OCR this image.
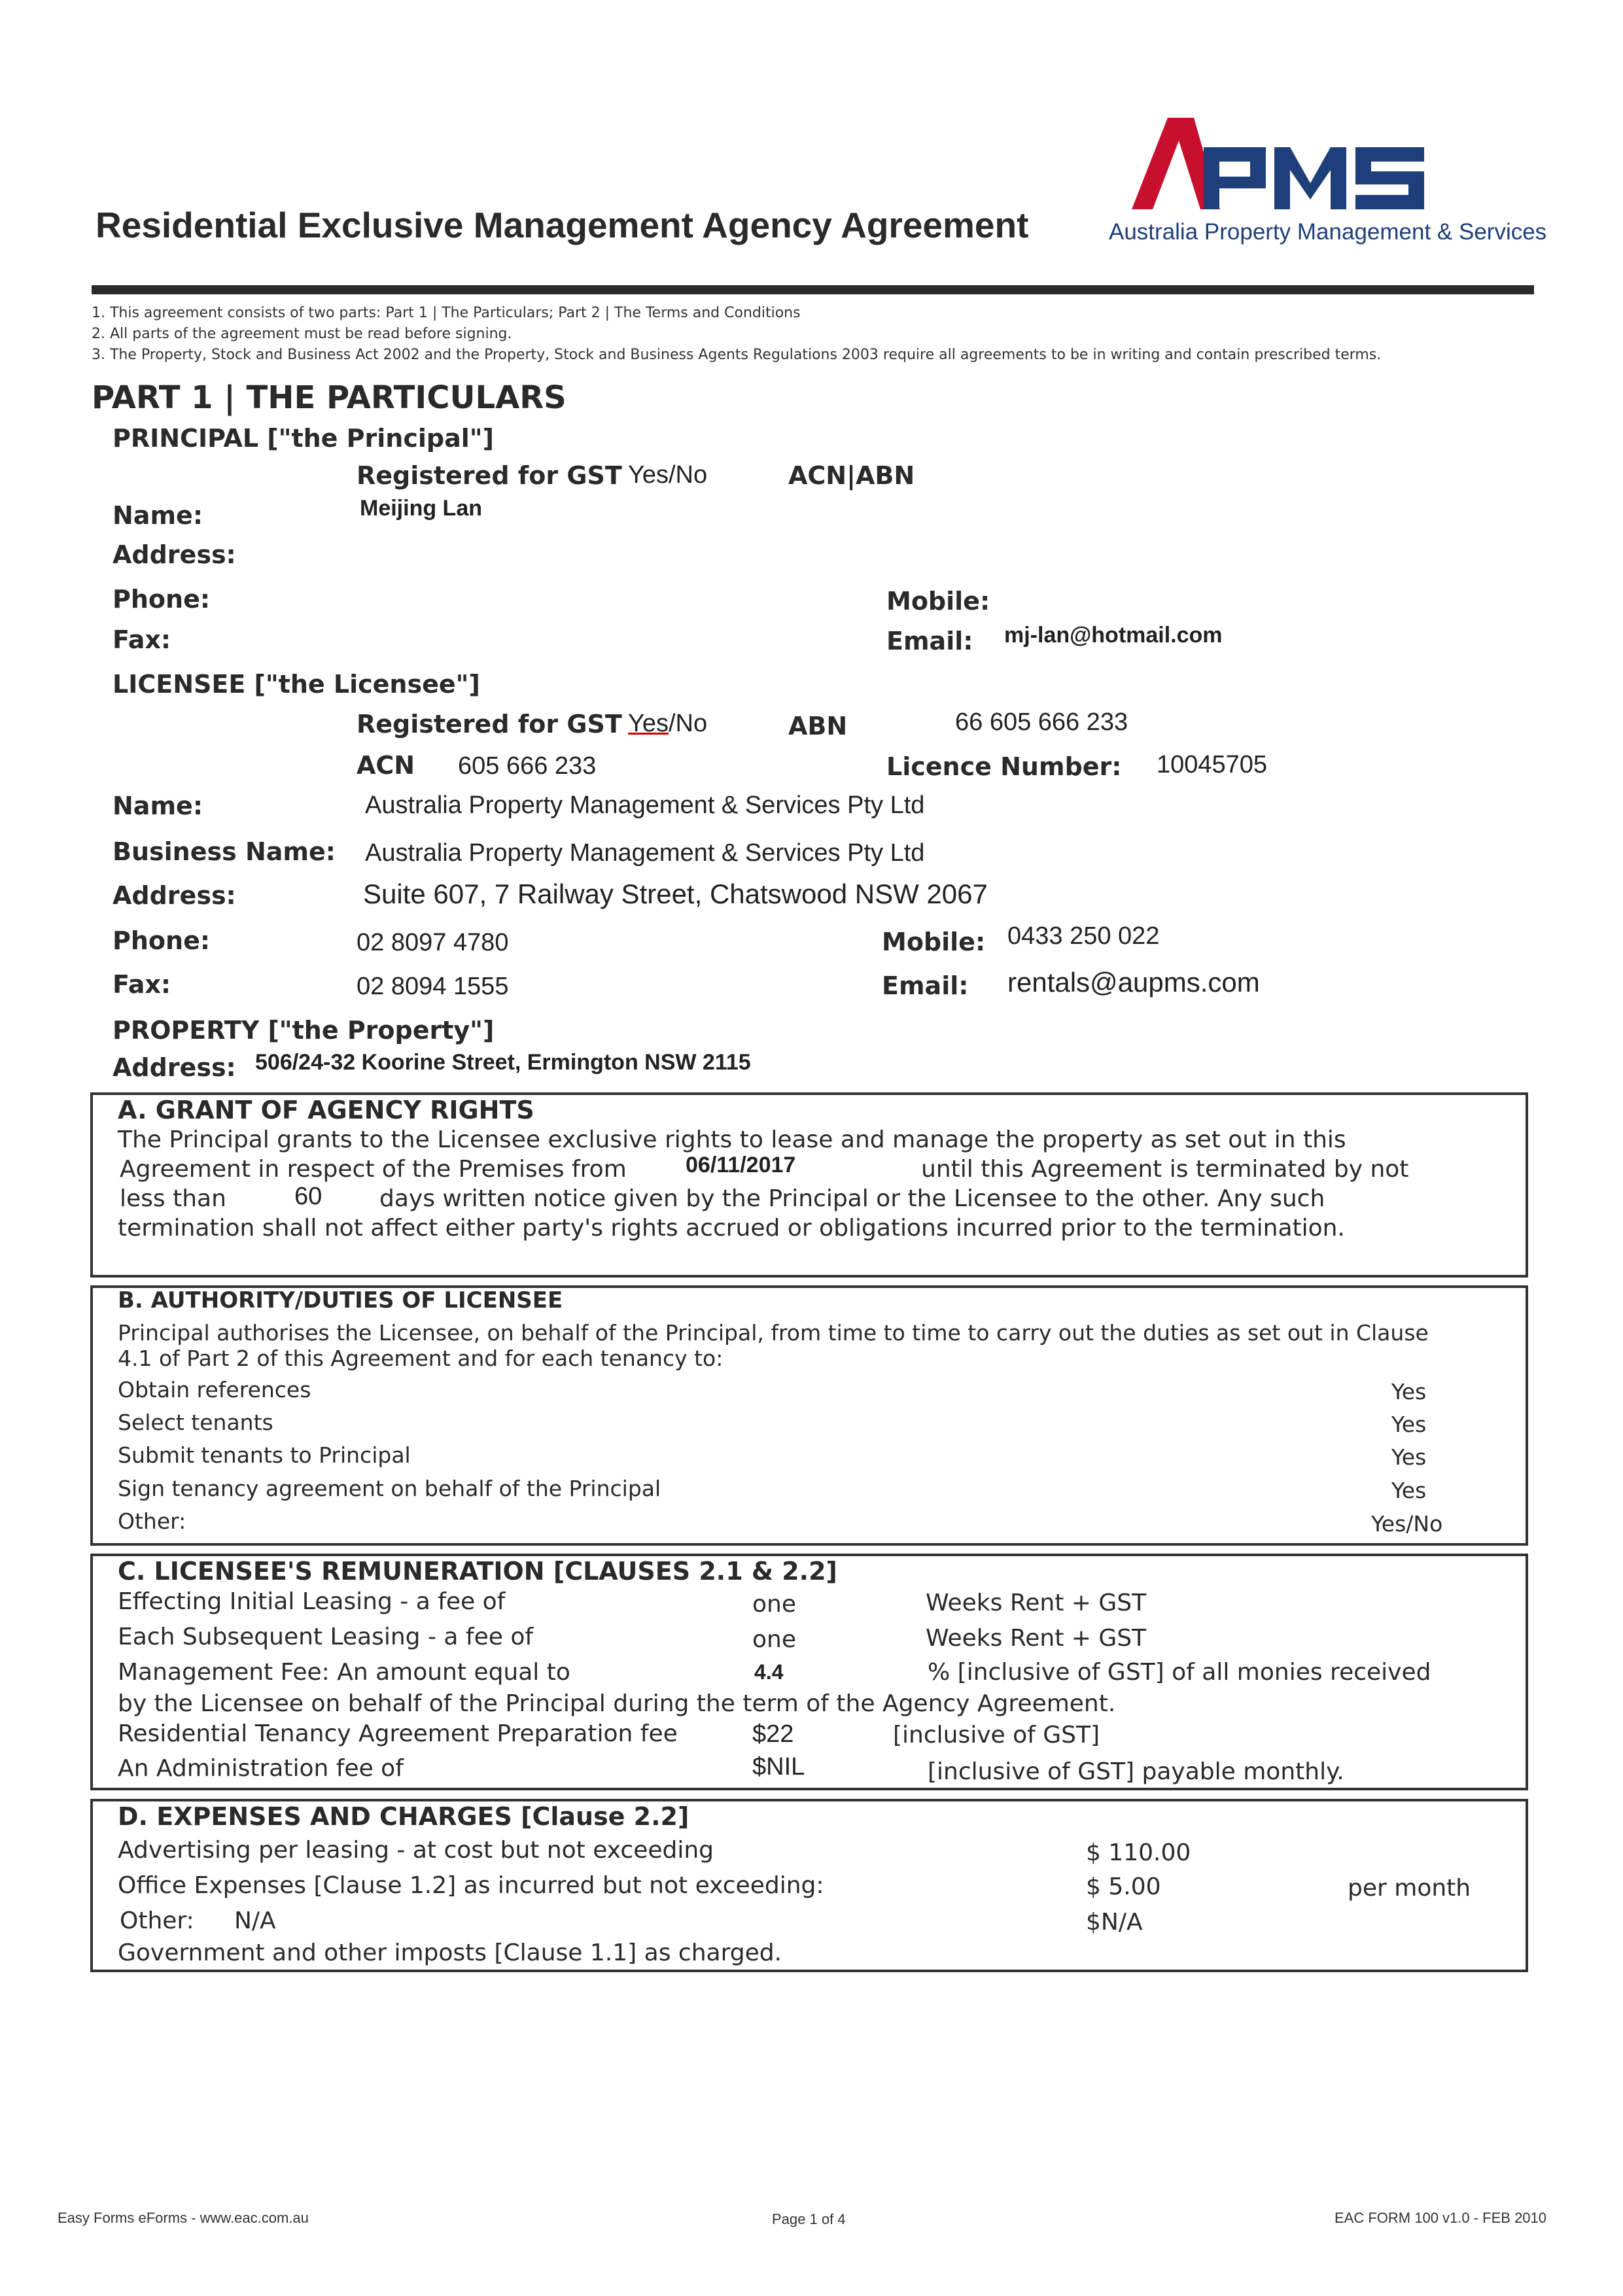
Residential Exclusive Management Agency Agreement	Australia Property Management & Services
1. This agreement consists of two parts: Part 1 | The Particulars; Part 2 | The Terms and Conditions
2. All parts of the agreement must be read before signing.
3. The Property, Stock and Business Act 2002 and the Property, Stock and Business Agents Regulations 2003 require all agreements to be in writing and contain prescribed terms.
PART 1 | THE PARTICULARS
PRINCIPAL ["the Principal"]
Registered for GST Yes/No	ACN|ABN
Name:	Meijing Lan
Address:
Phone:	Mobile:
Fax:	Email: mj-lan@hotmail.com
LICENSEE ["the Licensee"]
Registered for GST Yes/No	ABN	66 605 666 233
ACN 605 666 233	Licence Number: 10045705
Name:	Australia Property Management & Services Pty Ltd
Business Name: Australia Property Management & Services Pty Ltd
Address:	Suite 607, 7 Railway Street, Chatswood NSW 2067
Phone:	02 8097 4780	Mobile: 0433 250 022
Fax:	02 8094 1555	Email: rentals@aupms.com
PROPERTY ["the Property"]
Address: 506/24-32 Koorine Street, Ermington NSW 2115
A. GRANT OF AGENCY RIGHTS
The Principal grants to the Licensee exclusive rights to lease and manage the property as set out in this
Agreement in respect of the Premises from	06/11/2017	until this Agreement is terminated by not
less than	60 days written notice given by the Principal or the Licensee to the other. Any such
termination shall not affect either party's rights accrued or obligations incurred prior to the termination.
B. AUTHORITY/DUTIES OF LICENSEE
Principal authorises the Licensee, on behalf of the Principal, from time to time to carry out the duties as set out in Clause
4.1 of Part 2 of this Agreement and for each tenancy to:
Obtain references	Yes
Select tenants	Yes
Submit tenants to Principal	Yes
Sign tenancy agreement on behalf of the Principal	Yes
Other:	Yes/No
C. LICENSEE'S REMUNERATION [CLAUSES 2.1 & 2.2]
Effecting Initial Leasing - a fee of	one	Weeks Rent + GST
Each Subsequent Leasing - a fee of	one	Weeks Rent + GST
Management Fee: An amount equal to	4.4	% [inclusive of GST] of all monies received
by the Licensee on behalf of the Principal during the term of the Agency Agreement.
Residential Tenancy Agreement Preparation fee	$22	[inclusive of GST]
An Administration fee of	$NIL	[inclusive of GST] payable monthly.
D. EXPENSES AND CHARGES [Clause 2.2]
Advertising per leasing - at cost but not exceeding	$ 110.00
Office Expenses [Clause 1.2] as incurred but not exceeding:	$ 5.00	per month
Other: N/A	$N/A
Government and other imposts [Clause 1.1] as charged.
Easy Forms eForms - www.eac.com.au	Page 1 of 4	EAC FORM 100 v1.0 - FEB 2010
